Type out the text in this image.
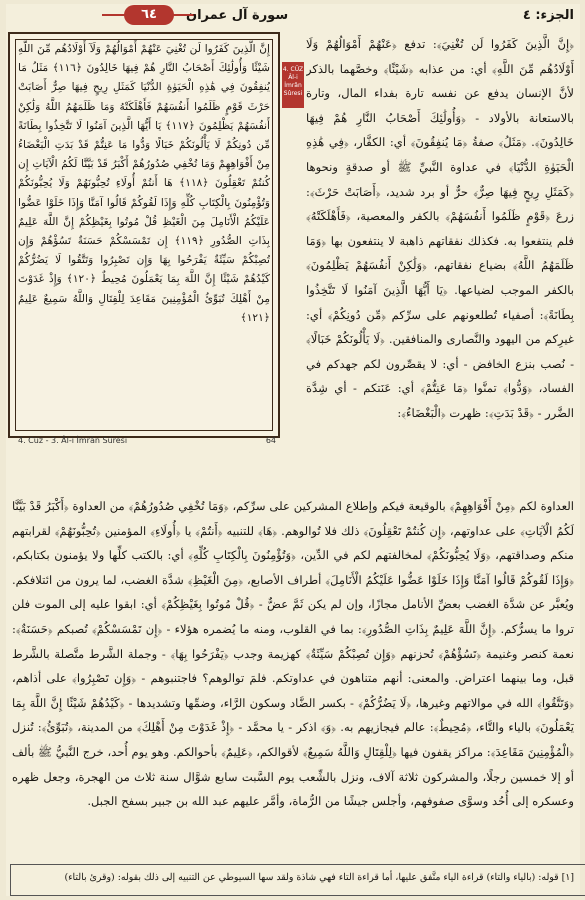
الجزء: ٤
٦٤	سورة آل عمران
إِنَّ الَّذِينَ كَفَرُوا لَن تُغْنِيَ عَنْهُمْ أَمْوَالُهُمْ وَلَآ أَوْلَادُهُم مِّنَ اللَّهِ شَيْئًا وَأُولَٰئِكَ أَصْحَابُ النَّارِ هُمْ فِيهَا خَالِدُونَ ﴿١١٦﴾ مَثَلُ مَا يُنفِقُونَ فِي هَٰذِهِ الْحَيَوٰةِ الدُّنْيَا كَمَثَلِ رِيحٍ فِيهَا صِرٌّ أَصَابَتْ حَرْثَ قَوْمٍ ظَلَمُوا أَنفُسَهُمْ فَأَهْلَكَتْهُ وَمَا ظَلَمَهُمُ اللَّهُ وَلَٰكِنْ أَنفُسَهُمْ يَظْلِمُونَ ﴿١١٧﴾ يَا أَيُّهَا الَّذِينَ آمَنُوا لَا تَتَّخِذُوا بِطَانَةً مِّن دُونِكُمْ لَا يَأْلُونَكُمْ خَبَالًا وَدُّوا مَا عَنِتُّمْ قَدْ بَدَتِ الْبَغْضَاءُ مِنْ أَفْوَاهِهِمْ وَمَا تُخْفِي صُدُورُهُمْ أَكْبَرُ قَدْ بَيَّنَّا لَكُمُ الْآيَاتِ إِن كُنتُمْ تَعْقِلُونَ ﴿١١٨﴾ هَا أَنتُمْ أُولَاءِ تُحِبُّونَهُمْ وَلَا يُحِبُّونَكُمْ وَتُؤْمِنُونَ بِالْكِتَابِ كُلِّهِ وَإِذَا لَقُوكُمْ قَالُوا آمَنَّا وَإِذَا خَلَوْا عَضُّوا عَلَيْكُمُ الْأَنَامِلَ مِنَ الْغَيْظِ قُلْ مُوتُوا بِغَيْظِكُمْ إِنَّ اللَّهَ عَلِيمٌ بِذَاتِ الصُّدُورِ ﴿١١٩﴾ إِن تَمْسَسْكُمْ حَسَنَةٌ تَسُؤْهُمْ وَإِن تُصِبْكُمْ سَيِّئَةٌ يَفْرَحُوا بِهَا وَإِن تَصْبِرُوا وَتَتَّقُوا لَا يَضُرُّكُمْ كَيْدُهُمْ شَيْئًا إِنَّ اللَّهَ بِمَا يَعْمَلُونَ مُحِيطٌ ﴿١٢٠﴾ وَإِذْ غَدَوْتَ مِنْ أَهْلِكَ تُبَوِّئُ الْمُؤْمِنِينَ مَقَاعِدَ لِلْقِتَالِ وَاللَّهُ سَمِيعٌ عَلِيمٌ ﴿١٢١﴾
4. Cüz - 3. Âl-i İmrân Sûresi	64
4. CÜZ
Âl-i İmrân Sûresi
﴿إِنَّ الَّذِينَ كَفَرُوا لَن تُغْنِيَ﴾: تدفع ﴿عَنْهُمْ أَمْوَالُهُمْ وَلَا أَوْلَادُهُم مِّنَ اللَّهِ﴾ أي: من عذابه ﴿شَيْئًا﴾ وخصَّهما بالذكر لأنَّ الإنسان يدفع عن نفسه تارة بفداء المال، وتارة بالاستعانة بالأولاد - ﴿وَأُولَٰئِكَ أَصْحَابُ النَّارِ هُمْ فِيهَا خَالِدُونَ﴾. ﴿مَثَلُ﴾ صفةُ ﴿مَا يُنفِقُونَ﴾ أي: الكفَّار، ﴿فِي هَٰذِهِ الْحَيَوٰةِ الدُّنْيَا﴾ في عداوة النَّبيِّ ﷺ أو صدقةٍ ونحوها ﴿كَمَثَلِ رِيحٍ فِيهَا صِرٌّ﴾ حرٌّ أو برد شديد، ﴿أَصَابَتْ حَرْثَ﴾: زرعَ ﴿قَوْمٍ ظَلَمُوا أَنفُسَهُمْ﴾ بالكفر والمعصية، ﴿فَأَهْلَكَتْهُ﴾ فلم ينتفعوا به. فكذلك نفقاتهم ذاهبة لا ينتفعون بها ﴿وَمَا ظَلَمَهُمُ اللَّهُ﴾ بضياع نفقاتهم، ﴿وَلَٰكِنْ أَنفُسَهُمْ يَظْلِمُونَ﴾ بالكفر الموجب لضياعها. ﴿يَا أَيُّهَا الَّذِينَ آمَنُوا لَا تَتَّخِذُوا بِطَانَةً﴾: أصفياء تُطلعونهم على سرِّكم ﴿مِّن دُونِكُمْ﴾ أي: غيرِكم من اليهود والنَّصارى والمنافقين. ﴿لَا يَأْلُونَكُمْ خَبَالًا﴾ - نُصب بنزع الخافض - أي: لا يقصِّرون لكم جهدكم في الفساد، ﴿وَدُّوا﴾ تمنَّوا ﴿مَا عَنِتُّمْ﴾ أي: عَنَتكم - أي شِدَّة الضَّرر - ﴿قَدْ بَدَتِ﴾: ظهرت ﴿الْبَغْضَاءُ﴾:
العداوة لكم ﴿مِنْ أَفْوَاهِهِمْ﴾ بالوقيعة فيكم وإطلاع المشركين على سرِّكم، ﴿وَمَا تُخْفِي صُدُورُهُمْ﴾ من العداوة ﴿أَكْبَرُ قَدْ بَيَّنَّا لَكُمُ الْآيَاتِ﴾ على عداوتهم، ﴿إِن كُنتُمْ تَعْقِلُونَ﴾ ذلك فلا تُوالوهم. ﴿هَا﴾ للتنبيه ﴿أَنتُمْ﴾ يا ﴿أُولَاءِ﴾ المؤمنين ﴿تُحِبُّونَهُمْ﴾ لقرابتهم منكم وصداقتهم، ﴿وَلَا يُحِبُّونَكُمْ﴾ لمخالفتهم لكم في الدِّين، ﴿وَتُؤْمِنُونَ بِالْكِتَابِ كُلِّهِ﴾ أي: بالكتب كلِّها ولا يؤمنون بكتابكم، ﴿وَإِذَا لَقُوكُمْ قَالُوا آمَنَّا وَإِذَا خَلَوْا عَضُّوا عَلَيْكُمُ الْأَنَامِلَ﴾ أطراف الأصابع، ﴿مِنَ الْغَيْظِ﴾ شدَّة الغضب، لما يرون من ائتلافكم. ويُعبَّر عن شدَّة الغضب بعضِّ الأنامل مجازًا، وإن لم يكن ثَمَّ عضٌّ - ﴿قُلْ مُوتُوا بِغَيْظِكُمْ﴾ أي: ابقوا عليه إلى الموت فلن تروا ما يسرُّكم. ﴿إِنَّ اللَّهَ عَلِيمٌ بِذَاتِ الصُّدُورِ﴾: بما في القلوب، ومنه ما يُضمره هؤلاء - ﴿إِن تَمْسَسْكُمْ﴾ تُصبكم ﴿حَسَنَةٌ﴾: نعمة كنصر وغنيمة ﴿تَسُؤْهُمْ﴾ تُحزنهم ﴿وَإِن تُصِبْكُمْ سَيِّئَةٌ﴾ كهزيمة وجدب ﴿يَفْرَحُوا بِهَا﴾ - وجملة الشَّرط متَّصلة بالشَّرط قبل، وما بينهما اعتراض. والمعنى: أنهم متناهون في عداوتكم. فلمَ توالوهم؟ فاجتنبوهم - ﴿وَإِن تَصْبِرُوا﴾ على أذاهم، ﴿وَتَتَّقُوا﴾ الله في موالاتهم وغيرها، ﴿لَا يَضُرُّكُمْ﴾ - بكسر الضَّاد وسكون الرَّاء، وضمِّها وتشديدها - ﴿كَيْدُهُمْ شَيْئًا إِنَّ اللَّهَ بِمَا يَعْمَلُونَ﴾ بالياء والتَّاء، ﴿مُحِيطٌ﴾: عالم فيجازيهم به. ﴿وَ﴾ اذكر - يا محمَّد - ﴿إِذْ غَدَوْتَ مِنْ أَهْلِكَ﴾ من المدينة، ﴿تُبَوِّئُ﴾: تُنزل ﴿الْمُؤْمِنِينَ مَقَاعِدَ﴾: مراكز يقفون فيها ﴿لِلْقِتَالِ وَاللَّهُ سَمِيعٌ﴾ لأقوالكم، ﴿عَلِيمٌ﴾ بأحوالكم. وهو يوم أُحد، خرج النَّبيُّ ﷺ بألف أو إلا خمسين رجلًا، والمشركون ثلاثة آلاف، ونزل بالشِّعب يوم السَّبت سابع شوَّال سنة ثلاث من الهجرة، وجعل ظهره وعسكره إلى أُحُد وسوَّى صفوفهم، وأجلس جيشًا من الرُّماة، وأمَّر عليهم عبد الله بن جبير بسفح الجبل.
[١] قوله: (بالياء والتاء) قراءة الياء متَّفق عليها، أما قراءة التاء فهي شاذة ولقد سها السيوطي عن التنبيه إلى ذلك بقوله: (وقرئ بالتاء)
